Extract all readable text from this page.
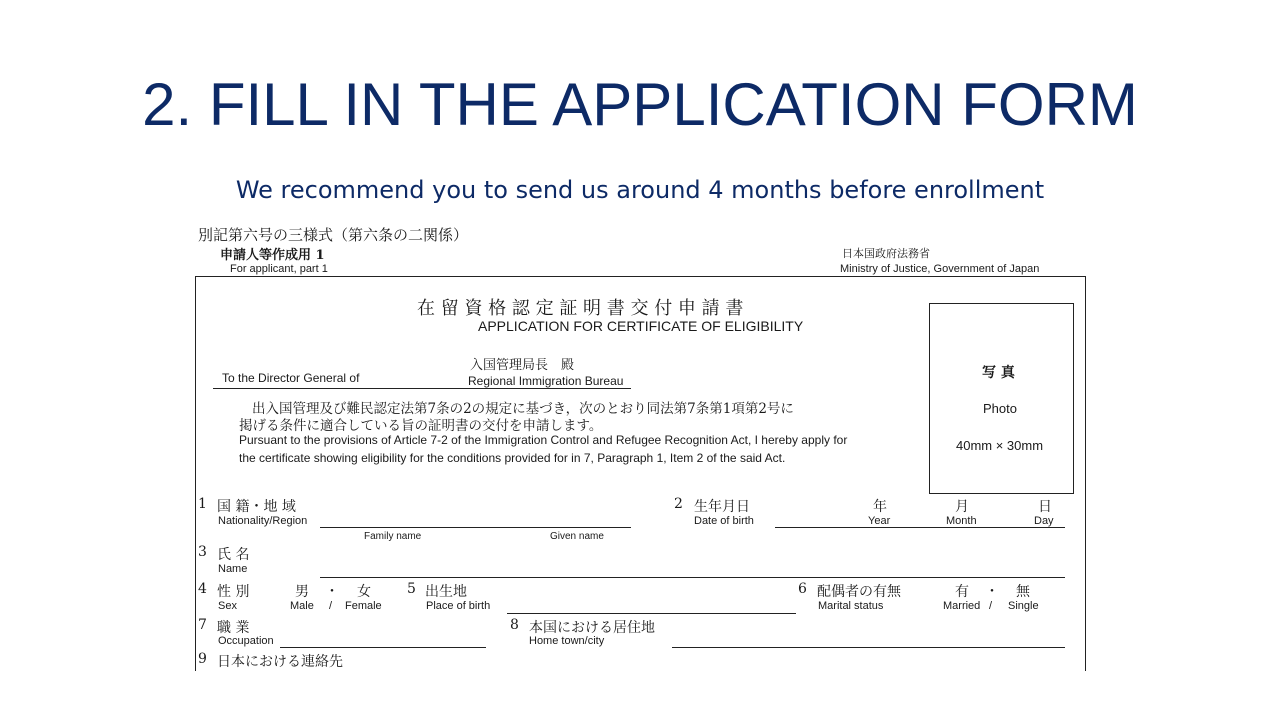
2. FILL IN THE APPLICATION FORM
We recommend you to send us around 4 months before enrollment
別記第六号の三様式（第六条の二関係）
申請人等作成用 1
For applicant, part 1
日本国政府法務省
Ministry of Justice, Government of Japan
在 留 資 格 認 定 証 明 書 交 付 申 請 書
APPLICATION FOR CERTIFICATE OF ELIGIBILITY
入国管理局長　殿
To the Director General of	Regional Immigration Bureau
出入国管理及び難民認定法第7条の2の規定に基づき，次のとおり同法第7条第1項第2号に
掲げる条件に適合している旨の証明書の交付を申請します。
Pursuant to the provisions of Article 7-2 of the Immigration Control and Refugee Recognition Act, I hereby apply for
the certificate showing eligibility for the conditions provided for in 7, Paragraph 1, Item 2 of the said Act.
写 真
Photo
40mm × 30mm
1 国 籍・地 域
Nationality/Region
2 生年月日
Date of birth
年
Year
月
Month
日
Day
Family name	Given name
3 氏 名
Name
4 性 別
Sex
男 ・ 女
Male / Female
5 出生地
Place of birth
6 配偶者の有無
Marital status
有 ・ 無
Married / Single
7 職 業
Occupation
8 本国における居住地
Home town/city
9 日本における連絡先
